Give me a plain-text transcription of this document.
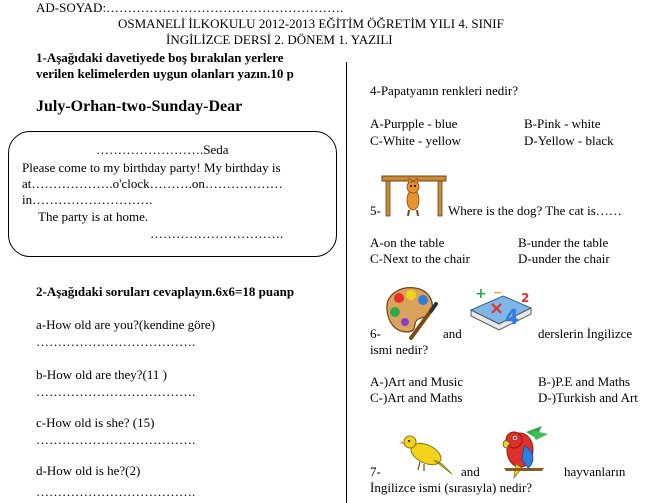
AD-SOYAD:……………………………………………….
OSMANELİ İLKOKULU 2012-2013 EĞİTİM ÖĞRETİM YILI 4. SINIF
İNGİLİZCE DERSİ 2. DÖNEM 1. YAZILI
1-Aşağıdaki davetiyede boş bırakılan yerlere
verilen kelimelerden uygun olanları yazın.10 p
July-Orhan-two-Sunday-Dear
…………………….Seda
Please come to my birthday party! My birthday is
at……………….o'clock……….on………………
in……………………….
The party is at home.
………………………….
2-Aşağıdaki soruları cevaplayın.6x6=18 puanp
a-How old are you?(kendine göre)
……………………………….
b-How old are they?(11 )
……………………………….
c-How old is she? (15)
……………………………….
d-How old is he?(2)
……………………………….
4-Papatyanın renkleri nedir?
A-Purpple - blue	B-Pink - white
C-White - yellow	D-Yellow - black
5-	Where is the dog? The cat is……
A-on the table	B-under the table
C-Next to the chair	D-under the chair
6-	and
+
× 4
2
−
derslerin İngilizce
ismi nedir?
A-)Art and Music	B-)P.E and Maths
C-)Art and Maths	D-)Turkish and Art
7-	and	hayvanların
İngilizce ismi (sırasıyla) nedir?
